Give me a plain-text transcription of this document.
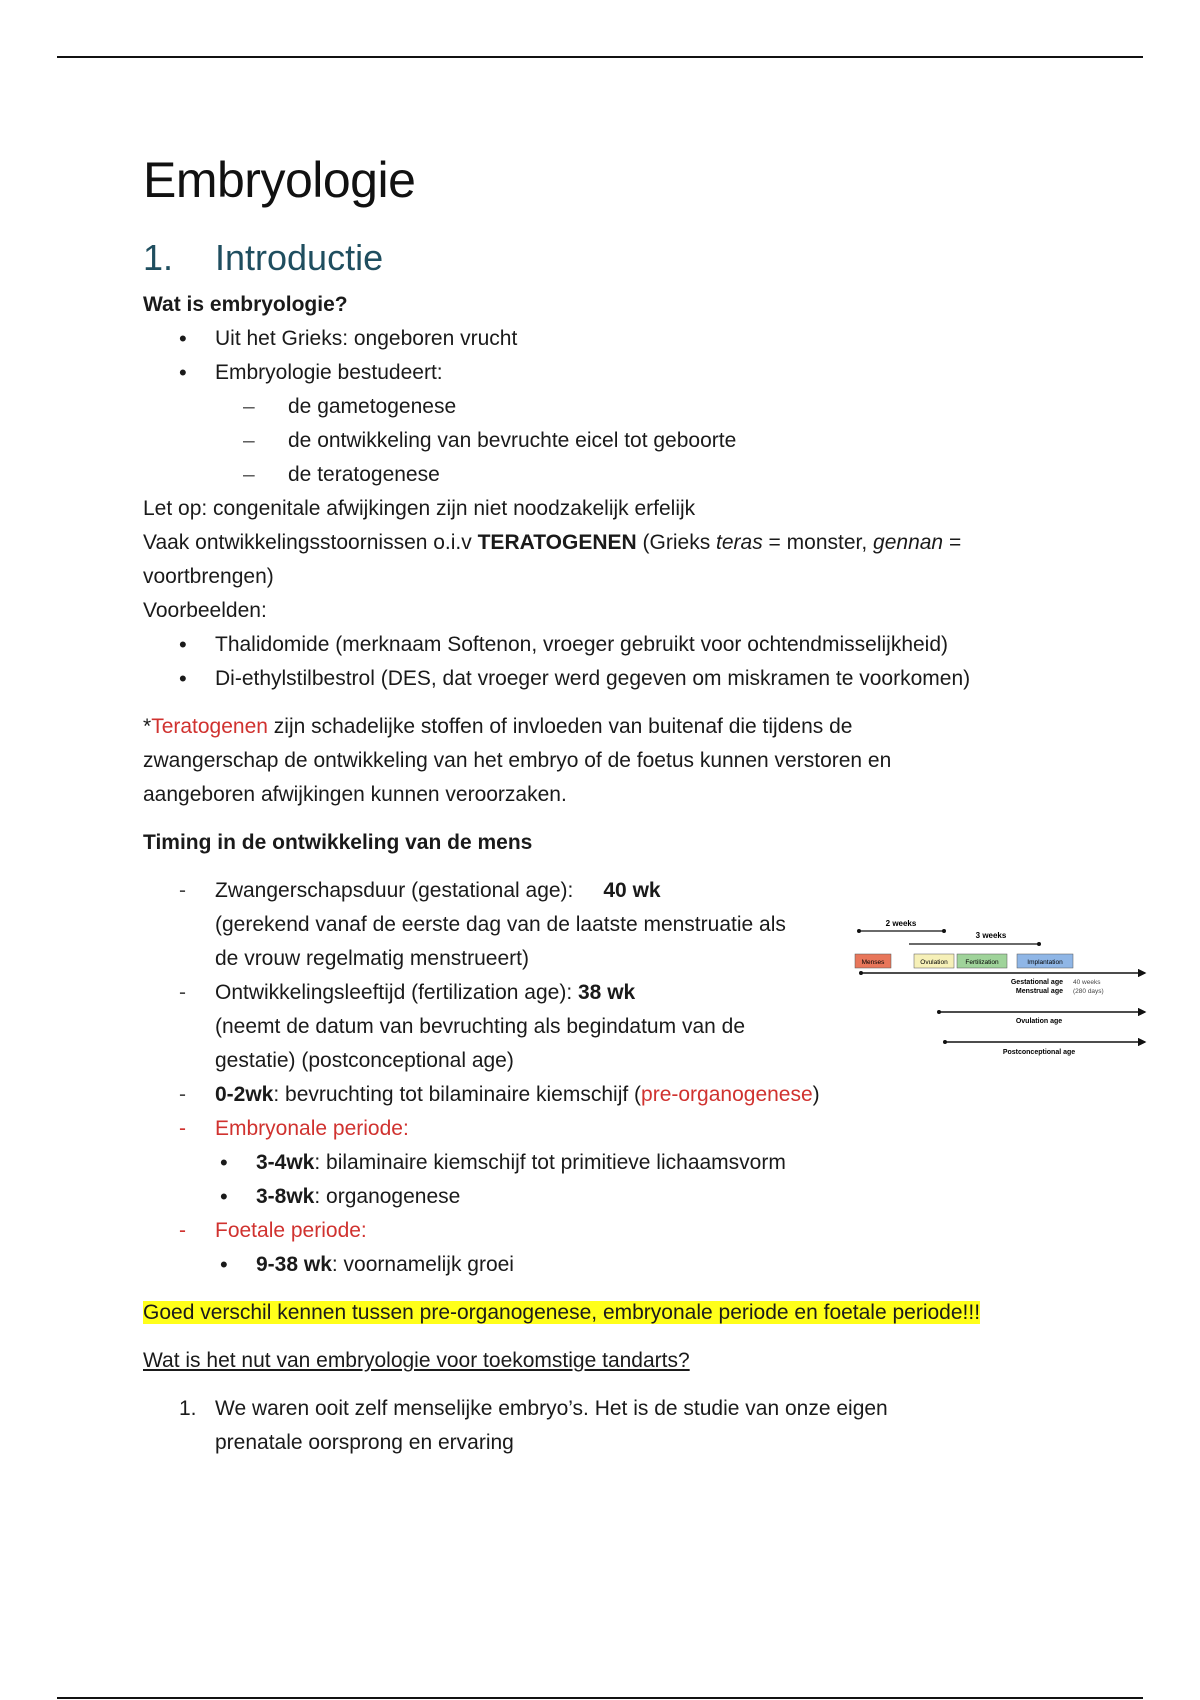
Embryologie
1. Introductie

Wat is embryologie?

• Uit het Grieks: ongeboren vrucht
• Embryologie bestudeert:
– de gametogenese
– de ontwikkeling van bevruchte eicel tot geboorte
– de teratogenese

Let op: congenitale afwijkingen zijn niet noodzakelijk erfelijk

Vaak ontwikkelingsstoornissen o.i.v TERATOGENEN (Grieks teras = monster, gennan = voortbrengen)

Voorbeelden:

• Thalidomide (merknaam Softenon, vroeger gebruikt voor ochtendmisselijkheid)
• Di-ethylstilbestrol (DES, dat vroeger werd gegeven om miskramen te voorkomen)

*Teratogenen zijn schadelijke stoffen of invloeden van buitenaf die tijdens de zwangerschap de ontwikkeling van het embryo of de foetus kunnen verstoren en aangeboren afwijkingen kunnen veroorzaken.

Timing in de ontwikkeling van de mens

- Zwangerschapsduur (gestational age): 40 wk
(gerekend vanaf de eerste dag van de laatste menstruatie als de vrouw regelmatig menstrueert)
- Ontwikkelingsleeftijd (fertilization age): 38 wk
(neemt de datum van bevruchting als begindatum van de gestatie) (postconceptional age)
- 0-2wk: bevruchting tot bilaminaire kiemschijf (pre-organogenese)
- Embryonale periode:
• 3-4wk: bilaminaire kiemschijf tot primitieve lichaamsvorm
• 3-8wk: organogenese
- Foetale periode:
• 9-38 wk: voornamelijk groei

Goed verschil kennen tussen pre-organogenese, embryonale periode en foetale periode!!!

Wat is het nut van embryologie voor toekomstige tandarts?

1. We waren ooit zelf menselijke embryo’s. Het is de studie van onze eigen prenatale oorsprong en ervaring
2 weeks
3 weeks
Menses	Ovulation	Fertilization	Implantation
Gestational age
Menstrual age
40 weeks
(280 days)
Ovulation age
Postconceptional age
